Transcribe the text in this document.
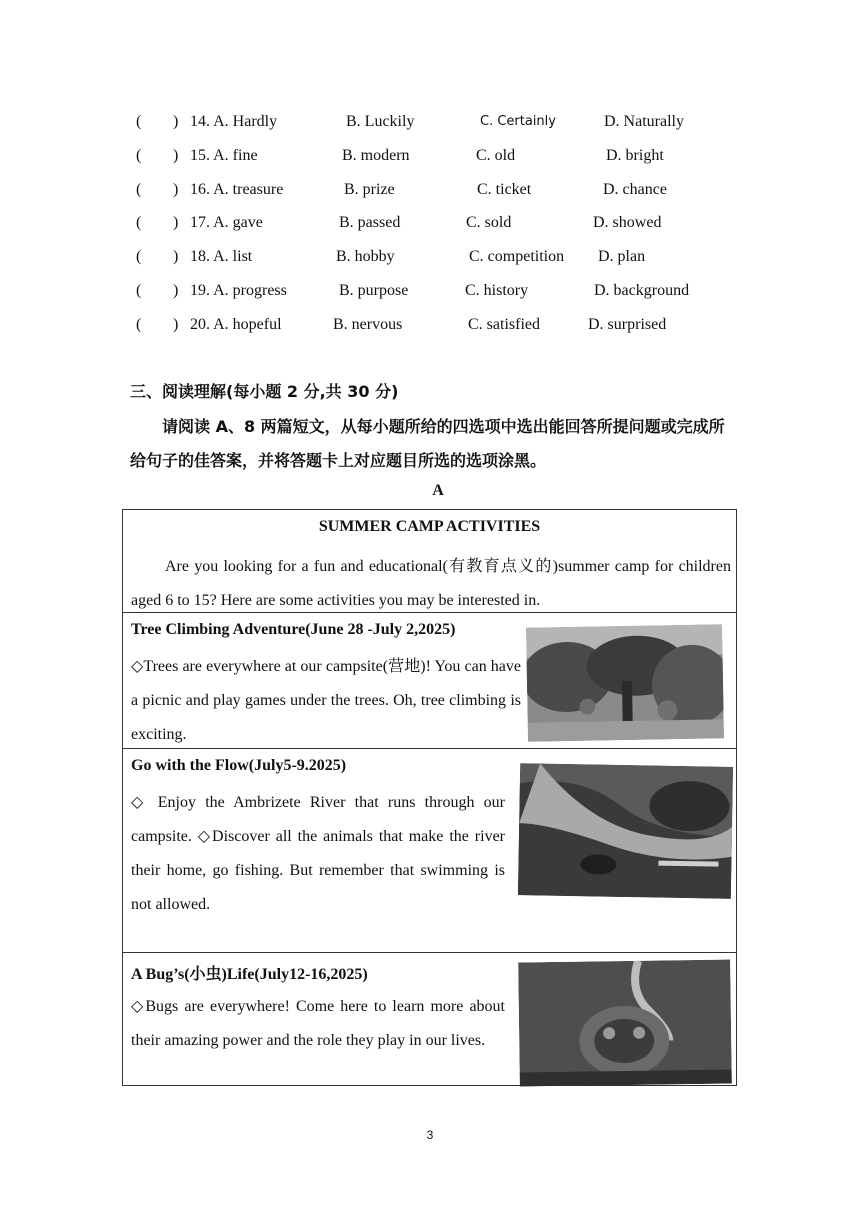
( ) 14. A. Hardly	B. Luckily	C. Certainly	D. Naturally
( ) 15. A. fine	B. modern	C. old	D. bright
( ) 16. A. treasure	B. prize	C. ticket	D. chance
( ) 17. A. gave	B. passed	C. sold	D. showed
( ) 18. A. list	B. hobby	C. competition D. plan
( ) 19. A. progress	B. purpose	C. history	D. background
( ) 20. A. hopeful	B. nervous	C. satisfied	D. surprised
三、阅读理解(每小题 2 分,共 30 分)
请阅读 A、8 两篇短文，从每小题所给的四选项中选出能回答所提问题或完成所给句子的佳答案，并将答题卡上对应题目所选的选项涂黑。
A
SUMMER CAMP ACTIVITIES
Are you looking for a fun and educational(有教育点义的)summer camp for children aged 6 to 15? Here are some activities you may be interested in.
Tree Climbing Adventure(June 28 -July 2,2025)
◇Trees are everywhere at our campsite(营地)! You can have a picnic and play games under the trees. Oh, tree climbing is exciting.
Go with the Flow(July5-9.2025)
◇ Enjoy the Ambrizete River that runs through our campsite. ◇Discover all the animals that make the river their home, go fishing. But remember that swimming is not allowed.
A Bug’s(小虫)Life(July12-16,2025)
◇Bugs are everywhere! Come here to learn more about their amazing power and the role they play in our lives.
3
